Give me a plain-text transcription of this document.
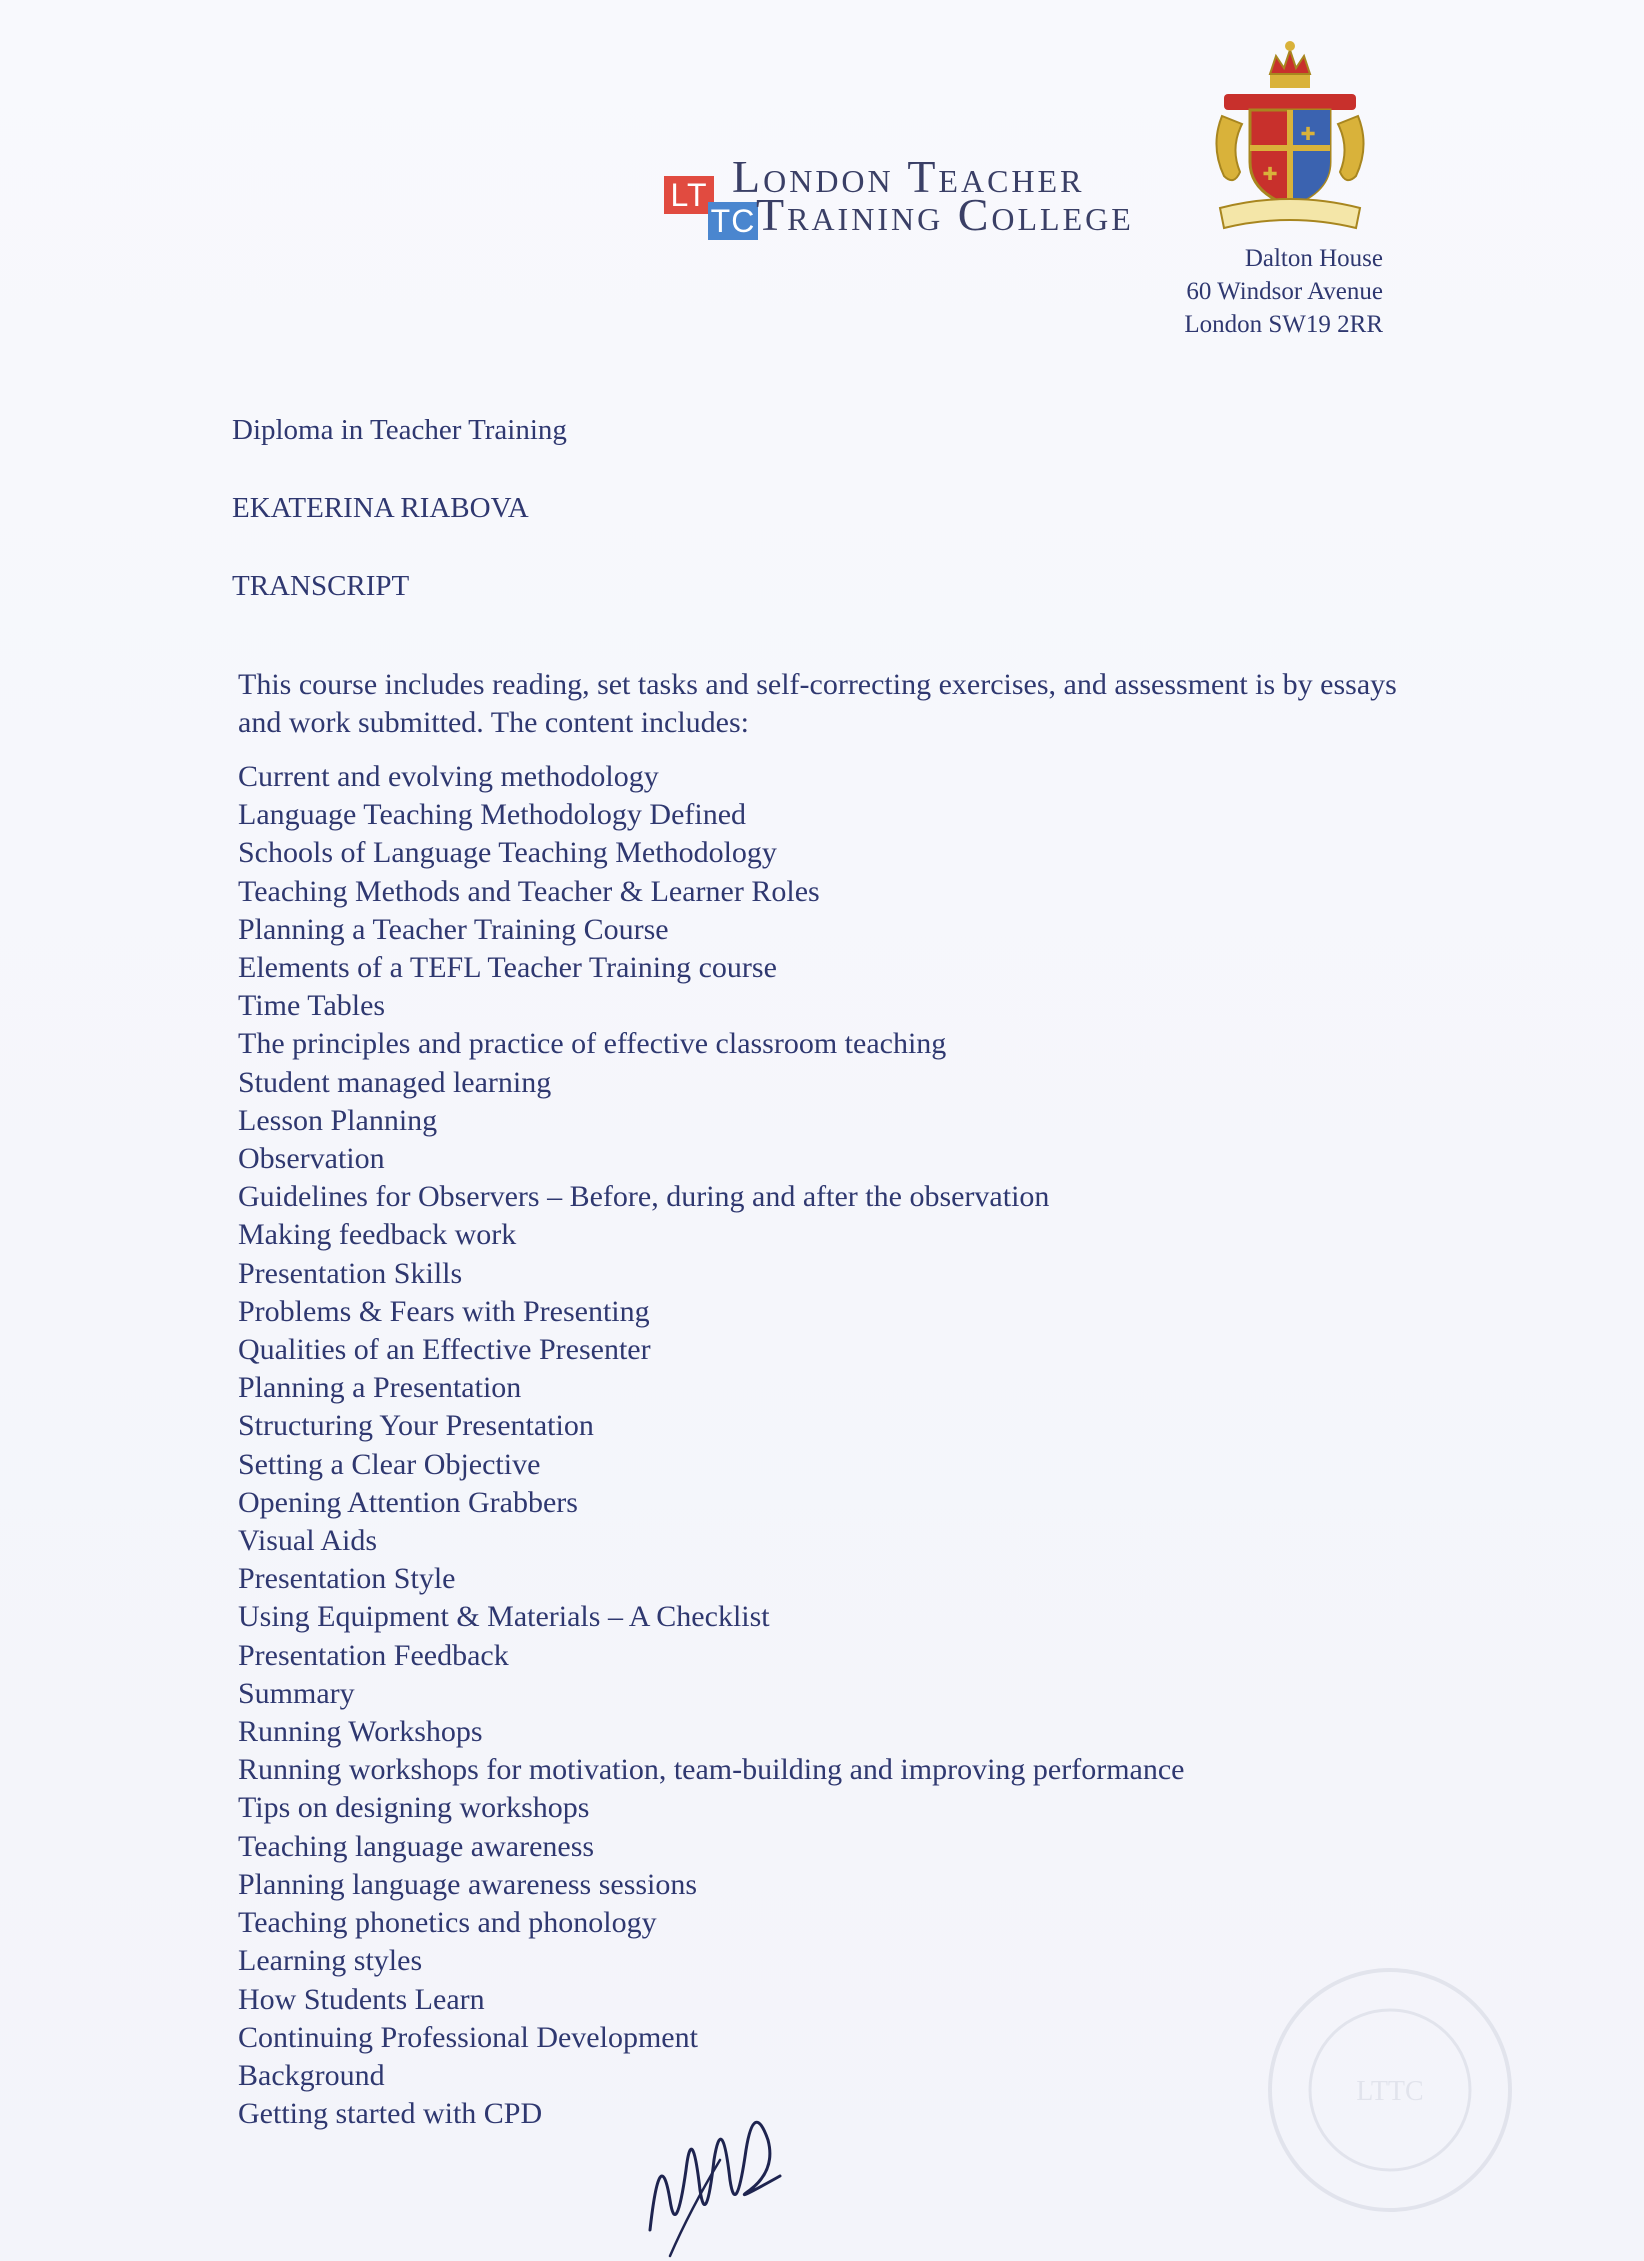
LT
TC
London Teacher
Training College
✚
✚
Dalton House
60 Windsor Avenue
London SW19 2RR
Diploma in Teacher Training
EKATERINA RIABOVA
TRANSCRIPT
This course includes reading, set tasks and self-correcting exercises, and assessment is by essays and work submitted. The content includes:
Current and evolving methodology
Language Teaching Methodology Defined
Schools of Language Teaching Methodology
Teaching Methods and Teacher & Learner Roles
Planning a Teacher Training Course
Elements of a TEFL Teacher Training course
Time Tables
The principles and practice of effective classroom teaching
Student managed learning
Lesson Planning
Observation
Guidelines for Observers – Before, during and after the observation
Making feedback work
Presentation Skills
Problems & Fears with Presenting
Qualities of an Effective Presenter
Planning a Presentation
Structuring Your Presentation
Setting a Clear Objective
Opening Attention Grabbers
Visual Aids
Presentation Style
Using Equipment & Materials – A Checklist
Presentation Feedback
Summary
Running Workshops
Running workshops for motivation, team-building and improving performance
Tips on designing workshops
Teaching language awareness
Planning language awareness sessions
Teaching phonetics and phonology
Learning styles
How Students Learn
Continuing Professional Development
Background
Getting started with CPD
LTTC
